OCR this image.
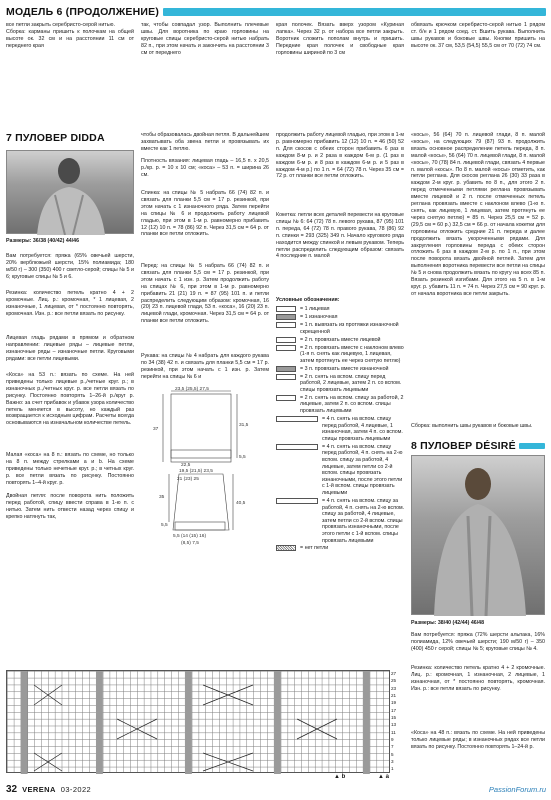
МОДЕЛЬ 6 (ПРОДОЛЖЕНИЕ)
все петли закрыть серебристо-серой нитью.
Сборка: карманы пришить к полочкам на общей высоте ок. 32 см и на расстоянии 11 см от переднего края
так, чтобы совпадал узор. Выполнить плечевые швы. Для воротника по краю горловины на круговые спицы серебристо-серой нитью набрать 82 п., при этом начать и закончить на расстоянии 3 см от переднего
края полочек. Вязать вверх узором «Куриная лапка». Через 32 р. от набора все петли закрыть. Воротник сложить пополам внутрь и пришить. Передние края полочек и свободные края горловины шириной по 3 см
обвязать крючком серебристо-серой нитью 1 рядом ст. б/н и 1 рядом соед. ст. Вшить рукава. Выполнить швы рукавов и боковые швы. Кнопки пришить на высоте ок. 37 см, 53,5 (54,5) 55,5 см от 70 (72) 74 см.
7 ПУЛОВЕР DIDDA
Размеры: 36/38 (40/42) 44/46
Вам потребуется: пряжа (65% овечьей шерсти, 20% верблюжьей шерсти, 15% полиамида; 180 м/50 г) – 300 (350) 400 г светло-серой; спицы № 5 и 6; круговые спицы № 5 и 6.
Резинка: количество петель кратно 4 + 2 кромочные. Лиц. р.: кромочная, * 1 лицевая, 2 изнаночные, 1 лицевая, от * постоянно повторять, кромочная. Изн. р.: все петли вязать по рисунку.
Лицевая гладь рядами в прямом и обратном направлении: лицевые ряды – лицевые петли, изнаночные ряды – изнаночные петли. Круговыми рядами: все петли лицевыми.
«Коса» на 53 п.: вязать по схеме. На ней приведены только лицевые р.,/четные круг. р.; в изнаночных р.,/четных круг. р. все петли вязать по рисунку. Постоянно повторять 1–26-й р./круг р. Важно: за счет прибавок и убавок узора количество петель меняется в высоту, но каждый раз возвращается к исходным цифрам. Расчеты всегда основываются на изначальном количестве петель.
Малая «коса» на 8 п.: вязать по схеме, но только на 8 п. между стрелками a и b. На схеме приведены только нечетные круг. р.; в четных круг. р. все петли вязать по рисунку. Постоянно повторять 1–4-й круг. р.
Двойная петля: после поворота нить положить перед работой, спицу ввести справа в 1-ю п. с нитью. Затем нить отвести назад через спицу и крепко натянуть так,
чтобы образовалась двойная петля. В дальнейшем захватывать оба звена петли и провязывать их вместе как 1 петлю.
Плотность вязания: лицевая гладь – 16,5 п. x 20,5 р./кр. р. = 10 x 10 см; «коса» – 53 п. = ширина 26 см.
Спинка: на спицы № 5 набрать 66 (74) 82 п. и связать для планки 5,5 см = 17 р. резинкой, при этом начать с 1 изнаночного ряда. Затем перейти на спицы № 6 и продолжить работу лицевой гладью, при этом в 1-м р. равномерно прибавить 12 (12) 10 п. = 78 (86) 92 п. Через 31,5 см = 64 р. от планки все петли отложить.
Перед: на спицы № 5 набрать 66 (74) 82 п. и связать для планки 5,5 см = 17 р. резинкой, при этом начать с 1 изн. р. Затем продолжить работу на спицах № 6, при этом в 1-м р. равномерно прибавить 21 (21) 19 п. = 87 (95) 101 п. и петли распределить следующим образом: кромочная, 16 (20) 23 п. лицевой глади, 53 п. «коса», 16 (20) 23 п. лицевой глади, кромочная. Через 31,5 см = 64 р. от планки все петли отложить.
Рукава: на спицы № 4 набрать для каждого рукава по 34 (38) 42 п. и связать для планки 5,5 см = 17 р. резинкой, при этом начать с 1 изн. р. Затем перейти на спицы № 6 и
23,5 (25,5) 27,5
37
31,5
5,5
22,5
19,5 (21,5) 23,5
35
40,5
5,5
21 (23) 25
5,5 (14 (15) 16)
(8,5) 7,5
продолжить работу лицевой гладью, при этом в 1-м р. равномерно прибавить 12 (12) 10 п. = 46 (50) 52 п. Для скосов с обеих сторон прибавить 6 раз в каждом 8-м р. и 2 раза в каждом 6-м р. (1 раз в каждом 6-м р. и 8 раз в каждом 6-м р. и 5 раз в каждом 4-м р.) по 1 п. = 64 (72) 78 п. Через 35 см = 72 р. от планки все петли отложить.
Кокетка: петли всех деталей перевести на круговые спицы № 6: 64 (72) 78 п. левого рукава, 87 (95) 101 п. переда, 64 (72) 78 п. правого рукава, 78 (86) 92 п. спинки = 293 (325) 349 п. Начало кругового ряда находится между спинкой и левым рукавом. Теперь петли распределить следующим образом: связать 4 последние п. малой
Условные обозначения:
= 1 лицевая
= 1 изнаночная
= 1 п. вывязать из протяжки изнаночной скрещенной
= 2 п. провязать вместе лицевой
= 2 п. провязать вместе с наклоном влево (1-я п. снять как лицевую, 1 лицевая, затем протянуть ее через снятую петлю)
= 3 п. провязать вместе изнаночной
= 2 п. снять на вспом. спицу перед работой, 2 лицевые, затем 2 п. со вспом. спицы провязать лицевыми
= 2 п. снять на вспом. спицу за работой, 2 лицевые, затем 2 п. со вспом. спицы провязать лицевыми
= 4 п. снять на вспом. спицу перед работой, 4 лицевые, 1 изнаночная, затем 4 п. со вспом. спицы провязать лицевыми
= 4 п. снять на вспом. спицу перед работой, 4 п. снять на 2-ю вспом. спицу за работой, 4 лицевые, затем петли со 2-й вспом. спицы провязать изнаночными, после этого петли с 1-й вспом. спицы провязать лицевыми
= 4 п. снять на вспом. спицу за работой, 4 п. снять на 2-ю вспом. спицу за работой, 4 лицевые, затем петли со 2-й вспом. спицы провязать изнаночными, после этого петли с 1-й вспом. спицы провязать лицевыми
= нет петли
«косы», 56 (64) 70 п. лицевой глади, 8 п. малой «косы», на следующих 79 (87) 93 п. продолжить вязать основное распределение петель переда, 8 п. малой «косы», 56 (64) 70 п. лицевой глади, 8 п. малой «косы», 70 (78) 84 п. лицевой глади, связать 4 первые п. малой «косы». По 8 п. малой «косы» отметить, как петли реглана. Для скосов реглана 26 (30) 33 раза в каждом 2-м круг. р. убавить по 8 п., для этого 2 п. перед отмеченными петлями реглана провязывать вместе лицевой и 2 п. после отмеченных петель реглана провязать вместе с наклоном влево (1-ю п. снять, как лицевую, 1 лицевая, затем протянуть ее через снятую петлю) = 85 п. Через 25,5 см = 52 р. (29,5 см = 60 р.) 32,5 см = 66 р. от начала кокетки для горловины отложить средние 21 п. переда и далее продолжить вязать укороченными рядами. Для закругления горловины переда с обеих сторон отложить 6 раз в каждом 2-м р. по 1 п., при этом после поворота вязать двойной петлей. Затем для выполнения воротника перевести все петли на спицы № 5 и снова продолжить вязать по кругу на всех 85 п. Вязать резинкой изгибами. Для этого на 5 п. в 1-м круг. р. убавить 11 п. = 74 п. Через 27,5 см = 90 круг. р. от начала воротника все петли закрыть.
Сборка: выполнить швы рукавов и боковые швы.
8 ПУЛОВЕР DÉSIRÉ
Размеры: 38/40 (42/44) 46/48
Вам потребуется: пряжа (72% шерсти альпака, 16% полиамида, 12% овечьей шерсти; 190 м/50 г) – 350 (400) 450 г серой; спицы № 5; круговые спицы № 4.
Резинка: количество петель кратно 4 + 2 кромочные. Лиц. р.: кромочная, 1 изнаночная, 2 лицевые, 1 изнаночная, от * постоянно повторять, кромочная. Изн. р.: все петли вязать по рисунку.
«Коса» на 48 п.: вязать по схеме. На ней приведены только лицевые ряды; в изнаночных рядах все петли вязать по рисунку. Постоянно повторять 1–24-й р.
27
25
23
21
19
17
15
13
11
9
7
5
3
1
▲ b	▲ a
32 VERENA 03-2022	PassionForum.ru
